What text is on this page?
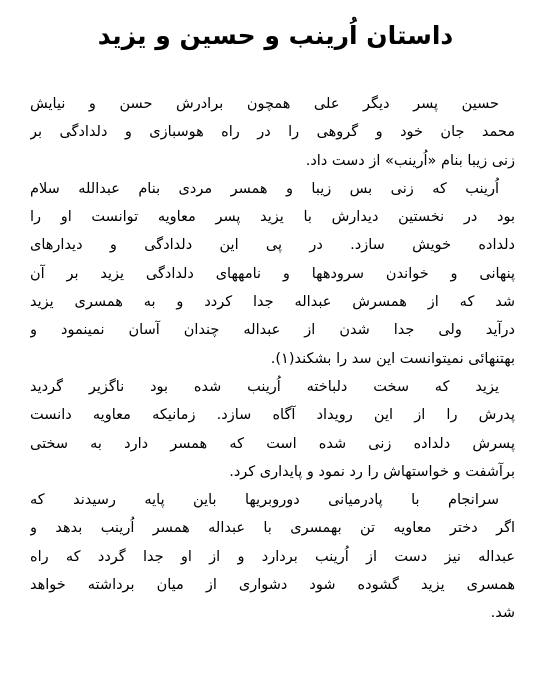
داستان اُرینب و حسین و یزید
حسین پسر دیگر علی همچون برادرش حسن و نیایش
محمد جان خود و گروهی را در راه هوسبازی و دلدادگی بر
زنی زیبا بنام «اُرینب» از دست داد.
اُرینب که زنی بس زیبا و همسر مردی بنام عبدالله سلام
بود در نخستین دیدارش با یزید پسر معاویه توانست او را
دلداده خویش سازد. در پی این دلدادگی و دیدارهای
پنهانی و خواندن سرودهها و نامههای دلدادگی یزید بر آن
شد که از همسرش عبداله جدا کردد و به همسری یزید
درآید ولی جدا شدن از عبداله چندان آسان نمینمود و
بهتنهائی نمیتوانست این سد را بشکند(۱).
یزید که سخت دلباخته اُرینب شده بود ناگزیر گردید
پدرش را از این رویداد آگاه سازد. زمانیکه معاویه دانست
پسرش دلداده زنی شده است که همسر دارد به سختی
برآشفت و خواستهاش را رد نمود و پایداری کرد.
سرانجام با پادرمیانی دوروبریها باین پایه رسیدند که
اگر دختر معاویه تن بهمسری با عبداله همسر اُرینب بدهد و
عبداله نیز دست از اُرینب بردارد و از او جدا گردد که راه
همسری یزید گشوده شود دشواری از میان برداشته خواهد
شد.
